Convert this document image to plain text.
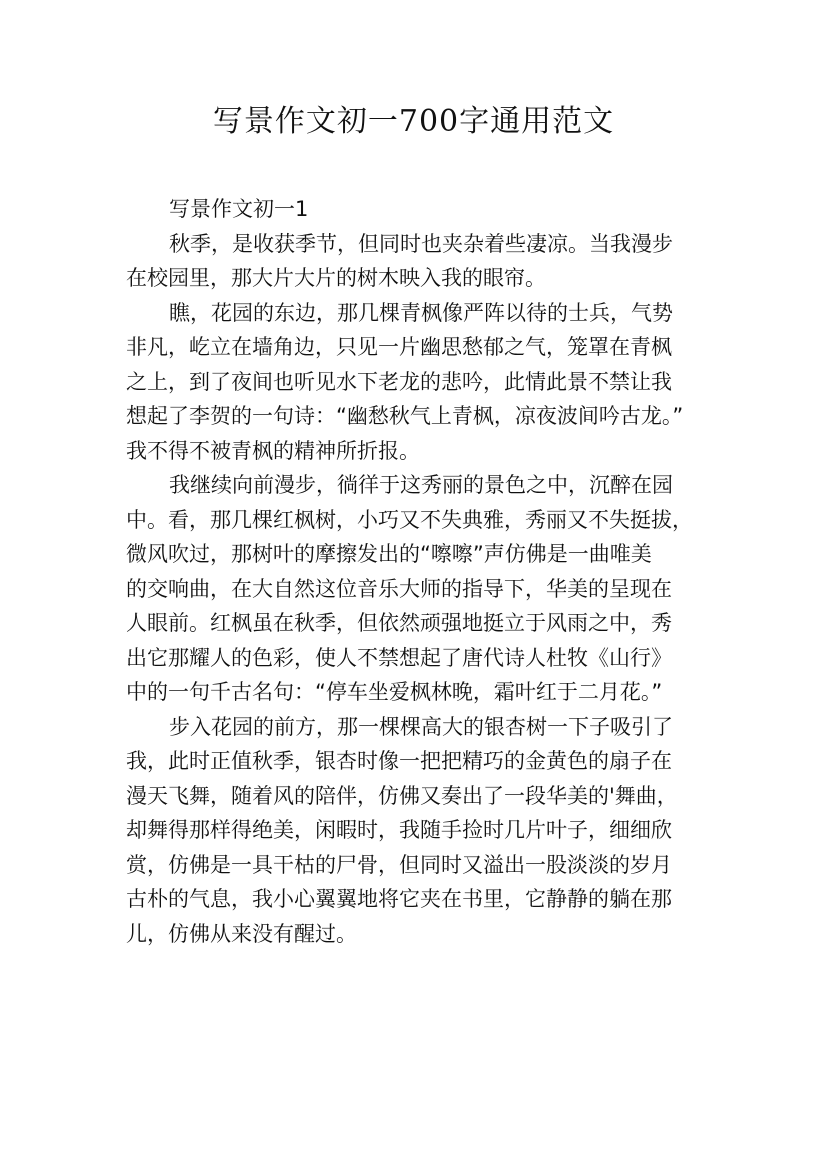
写景作文初一700字通用范文
写景作文初一1
秋季，是收获季节，但同时也夹杂着些凄凉。当我漫步
在校园里，那大片大片的树木映入我的眼帘。
瞧，花园的东边，那几棵青枫像严阵以待的士兵，气势
非凡，屹立在墙角边，只见一片幽思愁郁之气，笼罩在青枫
之上，到了夜间也听见水下老龙的悲吟，此情此景不禁让我
想起了李贺的一句诗：“幽愁秋气上青枫，凉夜波间吟古龙。”
我不得不被青枫的精神所折报。
我继续向前漫步，徜徉于这秀丽的景色之中，沉醉在园
中。看，那几棵红枫树，小巧又不失典雅，秀丽又不失挺拔，
微风吹过，那树叶的摩擦发出的“嚓嚓”声仿佛是一曲唯美
的交响曲，在大自然这位音乐大师的指导下，华美的呈现在
人眼前。红枫虽在秋季，但依然顽强地挺立于风雨之中，秀
出它那耀人的色彩，使人不禁想起了唐代诗人杜牧《山行》
中的一句千古名句：“停车坐爱枫林晚，霜叶红于二月花。”
步入花园的前方，那一棵棵高大的银杏树一下子吸引了
我，此时正值秋季，银杏时像一把把精巧的金黄色的扇子在
漫天飞舞，随着风的陪伴，仿佛又奏出了一段华美的'舞曲，
却舞得那样得绝美，闲暇时，我随手捡时几片叶子，细细欣
赏，仿佛是一具干枯的尸骨，但同时又溢出一股淡淡的岁月
古朴的气息，我小心翼翼地将它夹在书里，它静静的躺在那
儿，仿佛从来没有醒过。
